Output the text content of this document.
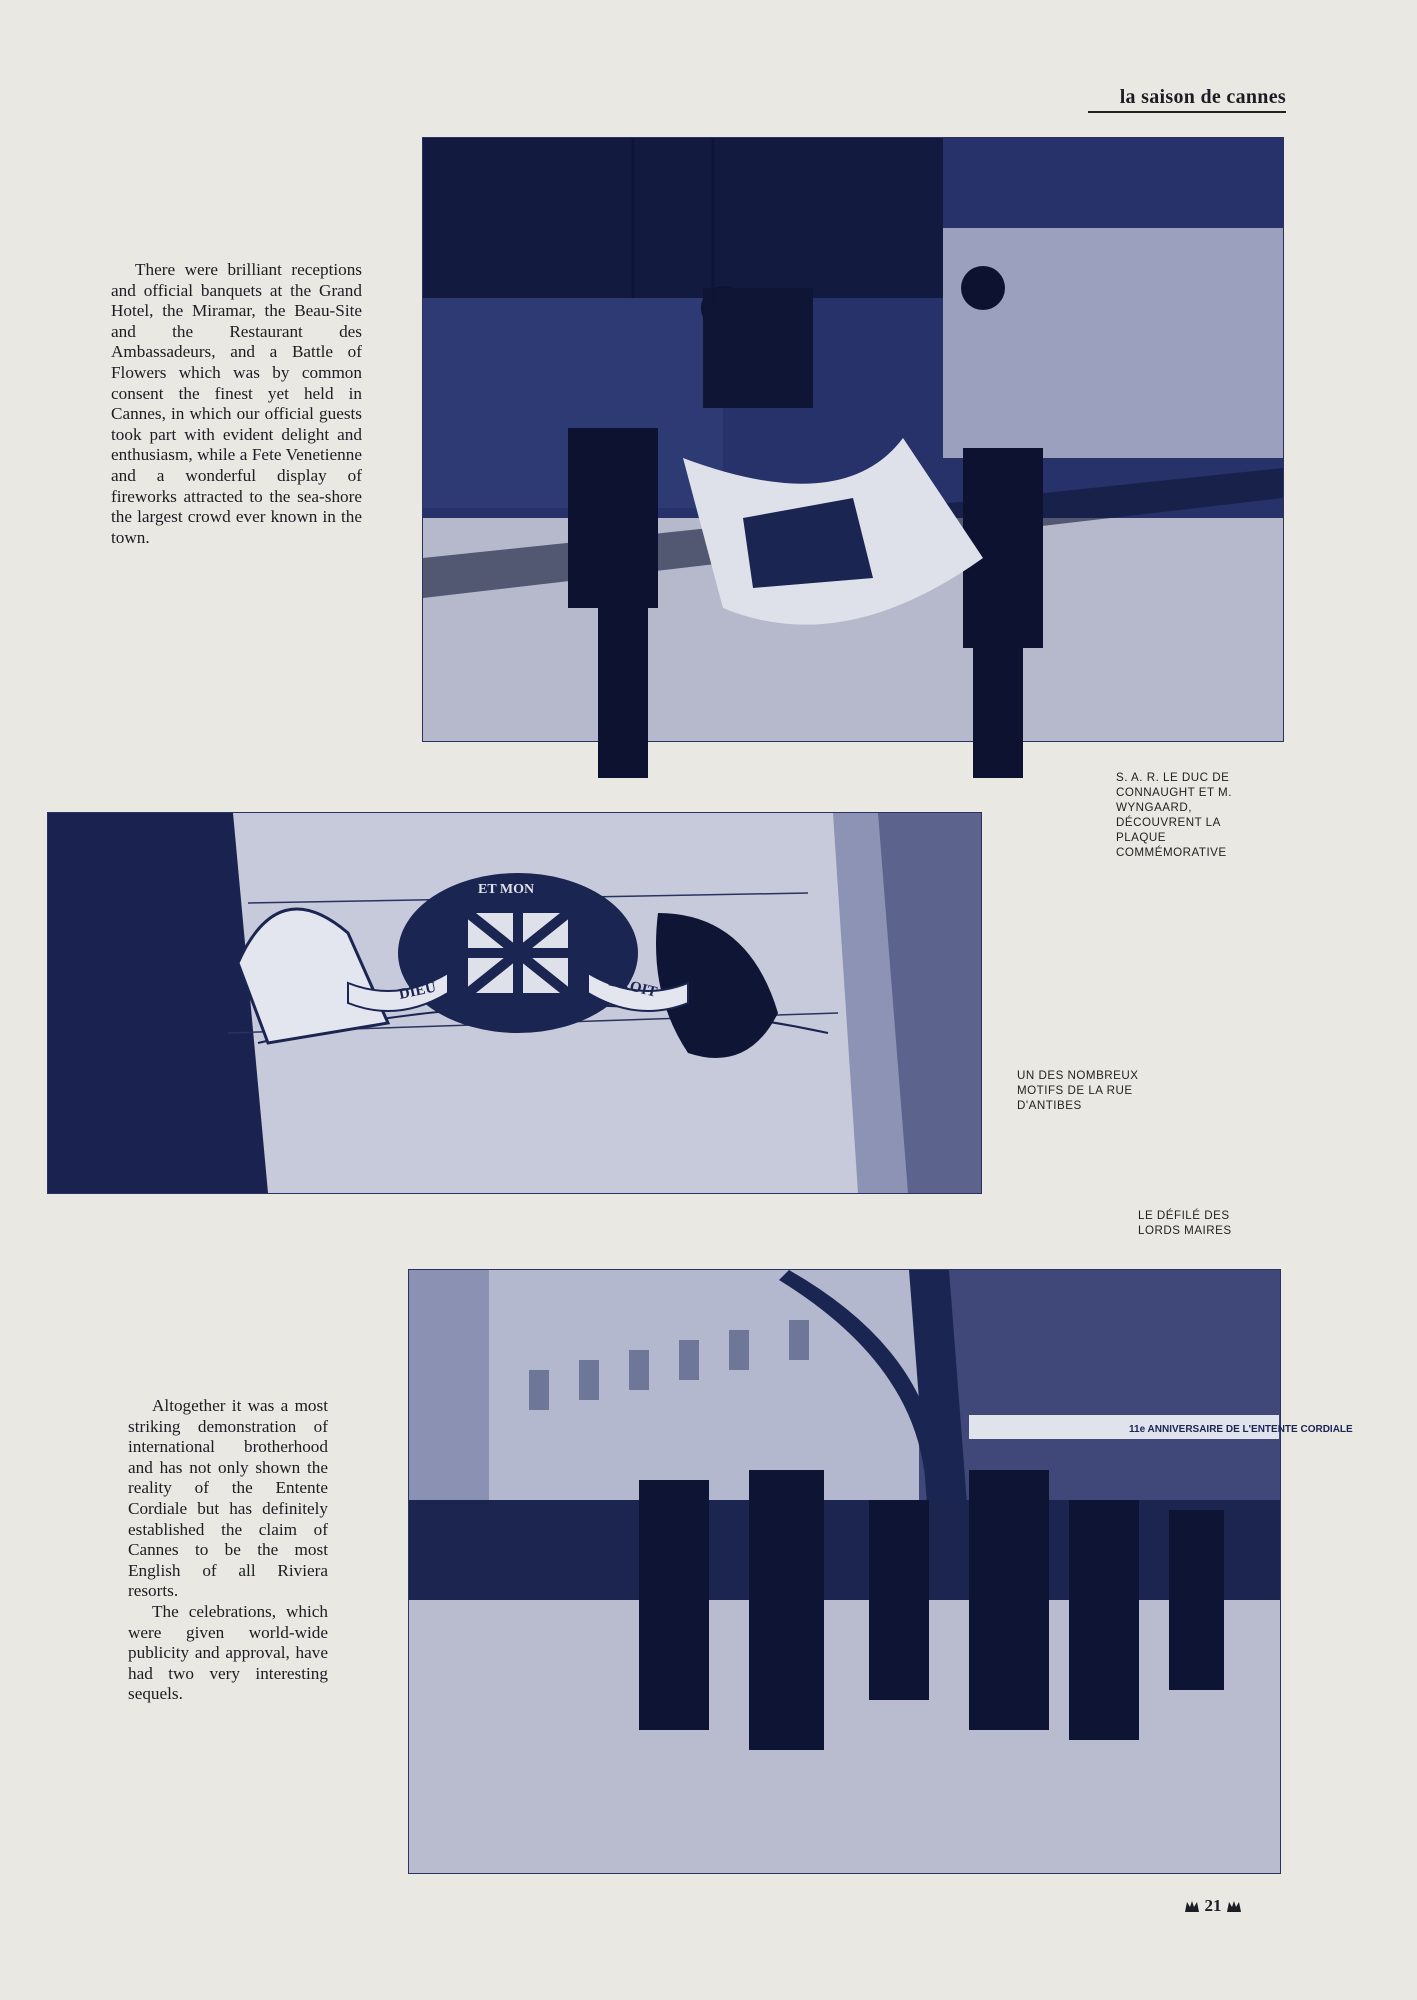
la saison de cannes

There were brilliant receptions and official banquets at the Grand Hotel, the Miramar, the Beau-Site and the Restaurant des Ambassadeurs, and a Battle of Flowers which was by common consent the finest yet held in Cannes, in which our official guests took part with evident delight and enthusiasm, while a Fete Venetienne and a wonderful display of fireworks attracted to the sea-shore the largest crowd ever known in the town.

S. A. R. LE DUC DE CONNAUGHT ET M. WYNGAARD, DÉCOUVRENT LA PLAQUE COMMÉMORATIVE
DIEU	DROIT
ET MON
UN DES NOMBREUX MOTIFS DE LA RUE D'ANTIBES
LE DÉFILÉ DES LORDS MAIRES
11e ANNIVERSAIRE DE L'ENTENTE CORDIALE

Altogether it was a most striking demonstration of international brotherhood and has not only shown the reality of the Entente Cordiale but has definitely established the claim of Cannes to be the most English of all Riviera resorts.

The celebrations, which were given world-wide publicity and approval, have had two very interesting sequels.

21
